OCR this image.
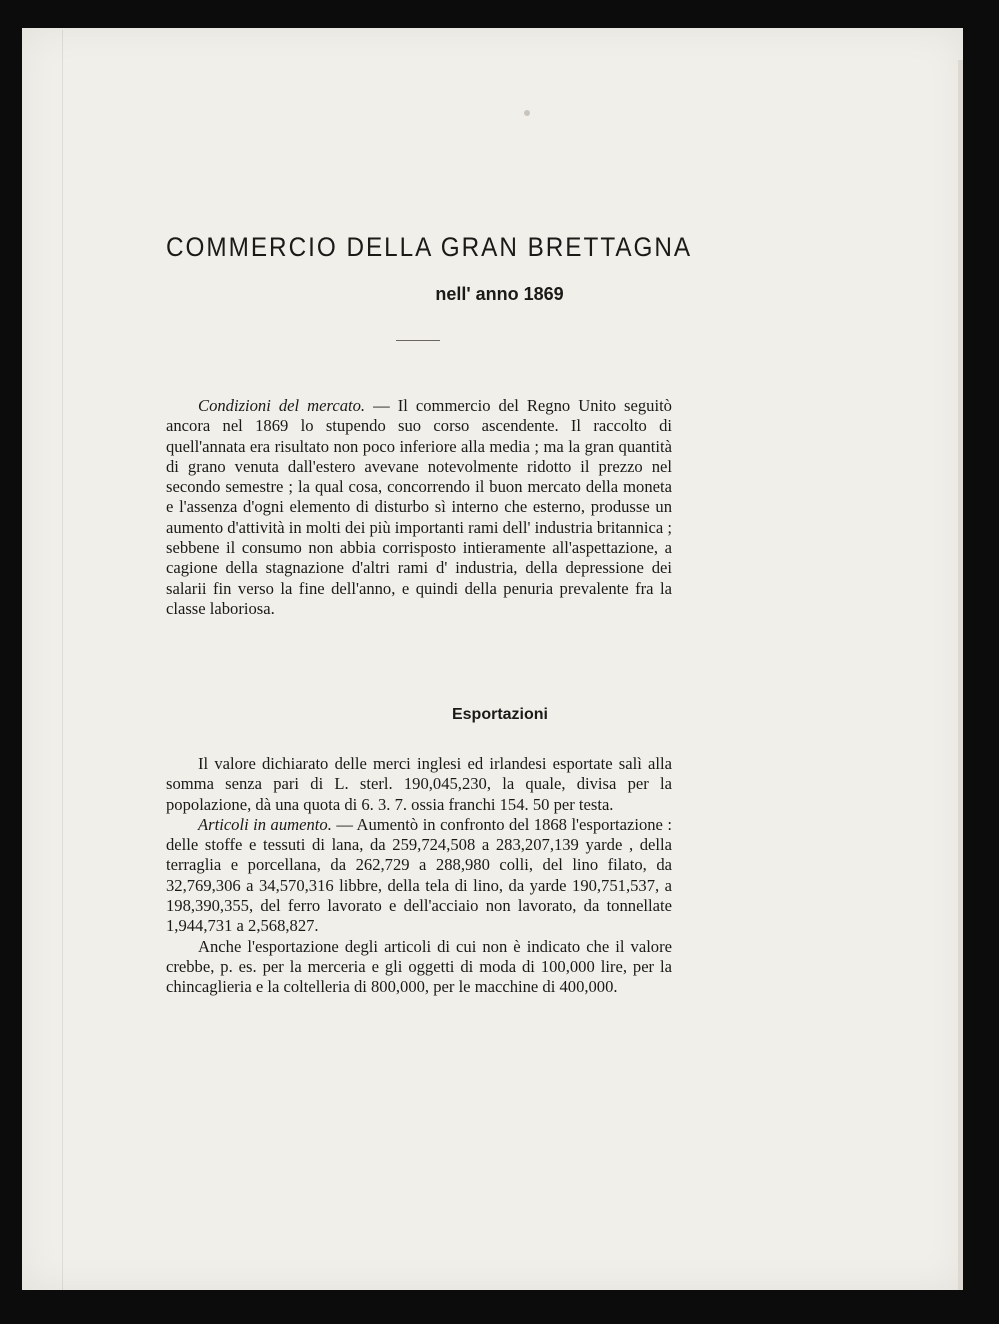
COMMERCIO DELLA GRAN BRETTAGNA
nell' anno 1869

Condizioni del mercato. — Il commercio del Regno Unito seguitò ancora nel 1869 lo stupendo suo corso ascendente. Il raccolto di quell'annata era risultato non poco inferiore alla media ; ma la gran quantità di grano venuta dall'estero avevane notevolmente ridotto il prezzo nel secondo semestre ; la qual cosa, concorrendo il buon mercato della moneta e l'assenza d'ogni elemento di disturbo sì interno che esterno, produsse un aumento d'attività in molti dei più importanti rami dell' industria britannica ; sebbene il consumo non abbia corrisposto intieramente all'aspettazione, a cagione della stagnazione d'altri rami d' industria, della depressione dei salarii fin verso la fine dell'anno, e quindi della penuria prevalente fra la classe laboriosa.

Esportazioni

Il valore dichiarato delle merci inglesi ed irlandesi esportate salì alla somma senza pari di L. sterl. 190,045,230, la quale, divisa per la popolazione, dà una quota di 6. 3. 7. ossia franchi 154. 50 per testa.

Articoli in aumento. — Aumentò in confronto del 1868 l'esportazione : delle stoffe e tessuti di lana, da 259,724,508 a 283,207,139 yarde , della terraglia e porcellana, da 262,729 a 288,980 colli, del lino filato, da 32,769,306 a 34,570,316 libbre, della tela di lino, da yarde 190,751,537, a 198,390,355, del ferro lavorato e dell'acciaio non lavorato, da tonnellate 1,944,731 a 2,568,827.

Anche l'esportazione degli articoli di cui non è indicato che il valore crebbe, p. es. per la merceria e gli oggetti di moda di 100,000 lire, per la chincaglieria e la coltelleria di 800,000, per le macchine di 400,000.
